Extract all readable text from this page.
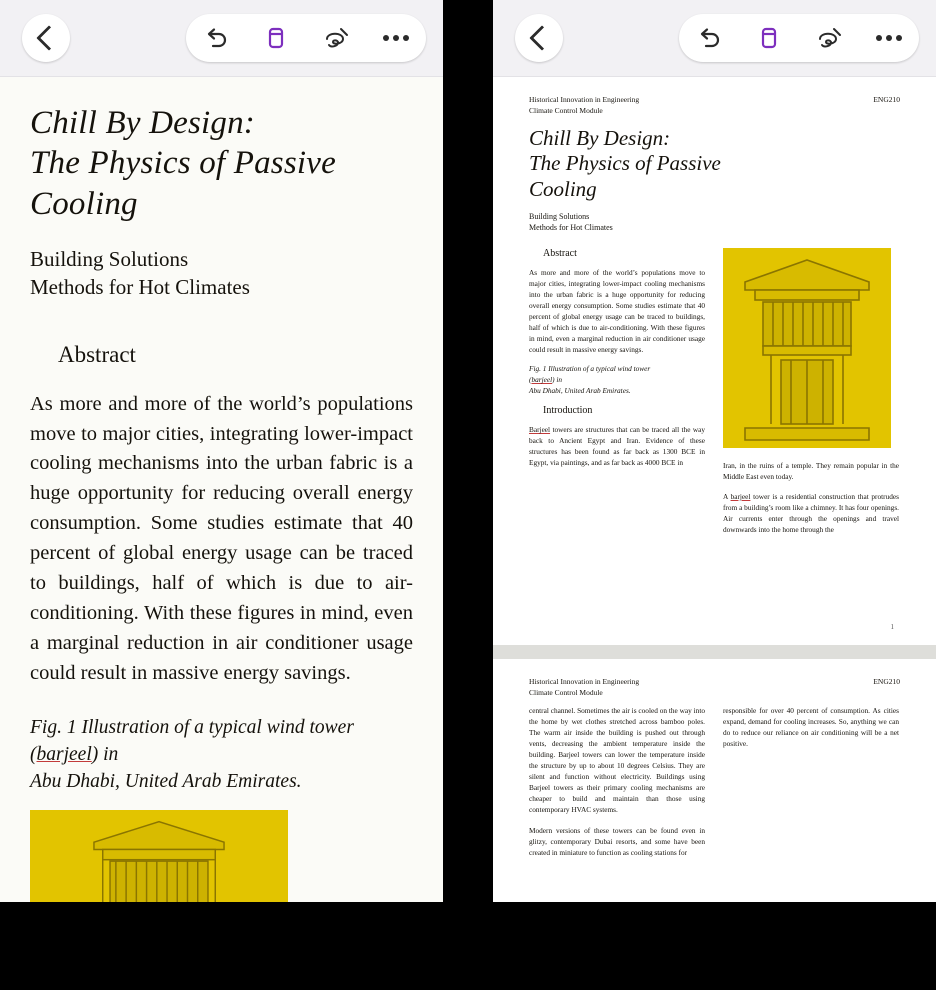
Chill By Design:
The Physics of Passive
Cooling
Building Solutions
Methods for Hot Climates
Abstract

As more and more of the world’s populations move to major cities, integrating lower-impact cooling mechanisms into the urban fabric is a huge opportunity for reducing overall energy consumption. Some studies estimate that 40 percent of global energy usage can be traced to buildings, half of which is due to air-conditioning. With these figures in mind, even a marginal reduction in air conditioner usage could result in massive energy savings.

Fig. 1 Illustration of a typical wind tower
(barjeel) in
Abu Dhabi, United Arab Emirates.
Historical Innovation in Engineering
Climate Control Module
ENG210
Chill By Design:
The Physics of Passive
Cooling
Building Solutions
Methods for Hot Climates
Abstract

As more and more of the world’s populations move to major cities, integrating lower-impact cooling mechanisms into the urban fabric is a huge opportunity for reducing overall energy consumption. Some studies estimate that 40 percent of global energy usage can be traced to buildings, half of which is due to air-conditioning. With these figures in mind, even a marginal reduction in air conditioner usage could result in massive energy savings.

Fig. 1 Illustration of a typical wind tower
(barjeel) in
Abu Dhabi, United Arab Emirates.
Introduction

Barjeel towers are structures that can be traced all the way back to Ancient Egypt and Iran. Evidence of these structures has been found as far back as 1300 BCE in Egypt, via paintings, and as far back as 4000 BCE in	Iran, in the ruins of a temple. They remain popular in the Middle East even today.

A barjeel tower is a residential construction that protrudes from a building’s room like a chimney. It has four openings. Air currents enter through the openings and travel downwards into the home through the

1
Historical Innovation in Engineering
Climate Control Module
ENG210

central channel. Sometimes the air is cooled on the way into the home by wet clothes stretched across bamboo poles. The warm air inside the building is pushed out through vents, decreasing the ambient temperature inside the building. Barjeel towers can lower the temperature inside the structure by up to about 10 degrees Celsius. They are silent and function without electricity. Buildings using Barjeel towers as their primary cooling mechanisms are cheaper to build and maintain than those using contemporary HVAC systems.

Modern versions of these towers can be found even in glitzy, contemporary Dubai resorts, and some have been created in miniature to function as cooling stations for

responsible for over 40 percent of consumption. As cities expand, demand for cooling increases. So, anything we can do to reduce our reliance on air conditioning will be a net positive.
